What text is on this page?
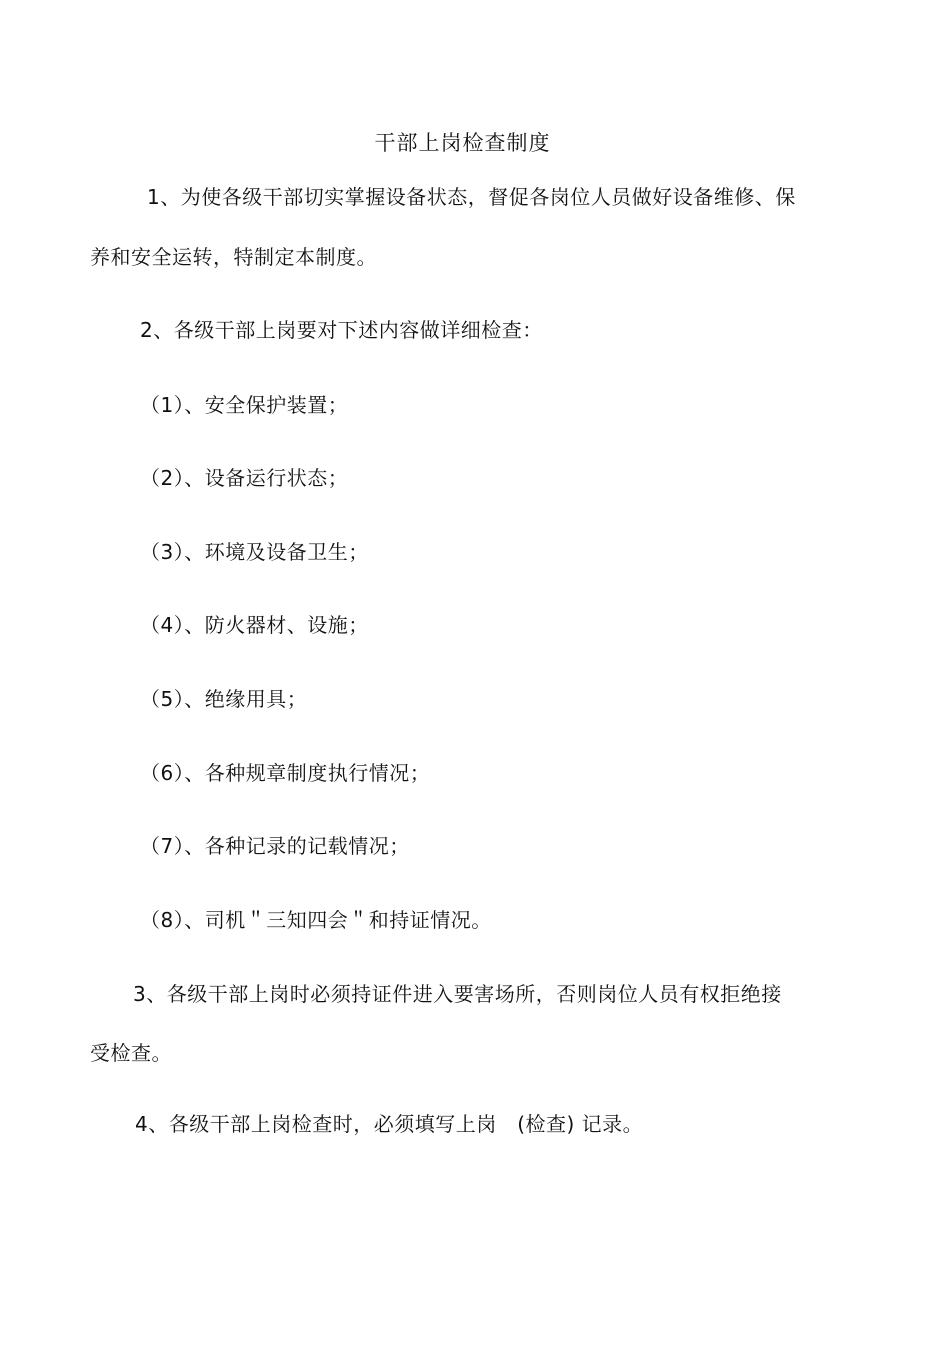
干部上岗检查制度
1、为使各级干部切实掌握设备状态，督促各岗位人员做好设备维修、保
养和安全运转，特制定本制度。
2、各级干部上岗要对下述内容做详细检查：
（1）、安全保护装置；
（2）、设备运行状态；
（3）、环境及设备卫生；
（4）、防火器材、设施；
（5）、绝缘用具；
（6）、各种规章制度执行情况；
（7）、各种记录的记载情况；
（8）、司机＂三知四会＂和持证情况。
3、各级干部上岗时必须持证件进入要害场所，否则岗位人员有权拒绝接
受检查。
4、各级干部上岗检查时，必须填写上岗　(检查) 记录。
